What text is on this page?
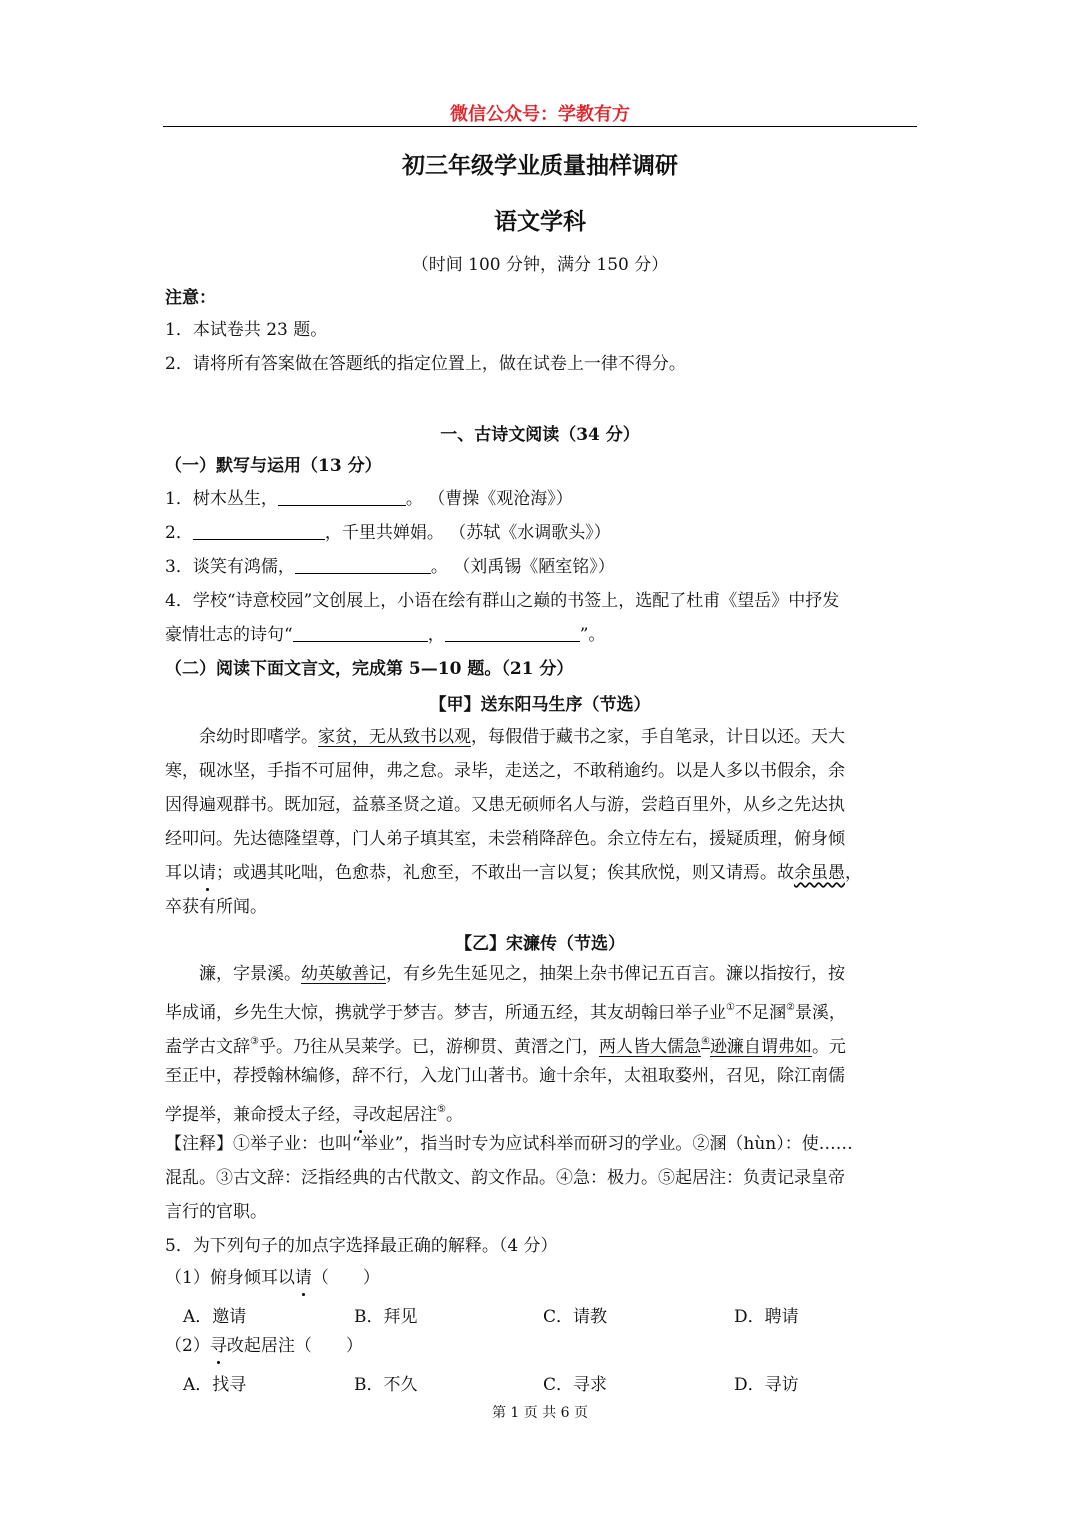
微信公众号：学教有方
初三年级学业质量抽样调研
语文学科
（时间 100 分钟，满分 150 分）
注意：
1．本试卷共 23 题。
2．请将所有答案做在答题纸的指定位置上，做在试卷上一律不得分。
一、古诗文阅读（34 分）
（一）默写与运用（13 分）
1．树木丛生，	。 （曹操《观沧海》）
2．	，千里共婵娟。 （苏轼《水调歌头》）
3．谈笑有鸿儒，	。 （刘禹锡《陋室铭》）
4．学校“诗意校园”文创展上，小语在绘有群山之巅的书签上，选配了杜甫《望岳》中抒发
豪情壮志的诗句“	，	”。
（二）阅读下面文言文，完成第 5—10 题。（21 分）
【甲】送东阳马生序（节选）
余幼时即嗜学。家贫，无从致书以观，每假借于藏书之家，手自笔录，计日以还。天大
寒，砚冰坚，手指不可屈伸，弗之怠。录毕，走送之，不敢稍逾约。以是人多以书假余，余
因得遍观群书。既加冠，益慕圣贤之道。又患无硕师名人与游，尝趋百里外，从乡之先达执
经叩问。先达德隆望尊，门人弟子填其室，未尝稍降辞色。余立侍左右，援疑质理，俯身倾
耳以请；或遇其叱咄，色愈恭，礼愈至，不敢出一言以复；俟其欣悦，则又请焉。故余虽愚，
卒获有所闻。
【乙】宋濂传（节选）
濂，字景溪。幼英敏善记，有乡先生延见之，抽架上杂书俾记五百言。濂以指按行，按
毕成诵，乡先生大惊，携就学于梦吉。梦吉，所通五经，其友胡翰曰举子业①不足溷②景溪，
盍学古文辞③乎。乃往从吴莱学。已，游柳贯、黄溍之门，两人皆大儒急④逊濂自谓弗如。元
至正中，荐授翰林编修，辞不行，入龙门山著书。逾十余年，太祖取婺州，召见，除江南儒
学提举，兼命授太子经，寻改起居注⑤。
【注释】①举子业：也叫“举业”，指当时专为应试科举而研习的学业。②溷（hùn）：使……
混乱。③古文辞：泛指经典的古代散文、韵文作品。④急：极力。⑤起居注：负责记录皇帝
言行的官职。
5．为下列句子的加点字选择最正确的解释。（4 分）
（1）俯身倾耳以请（　　）
A．邀请	B．拜见	C．请教	D．聘请
（2）寻改起居注（　　）
A．找寻	B．不久	C．寻求	D．寻访
第 1 页 共 6 页
